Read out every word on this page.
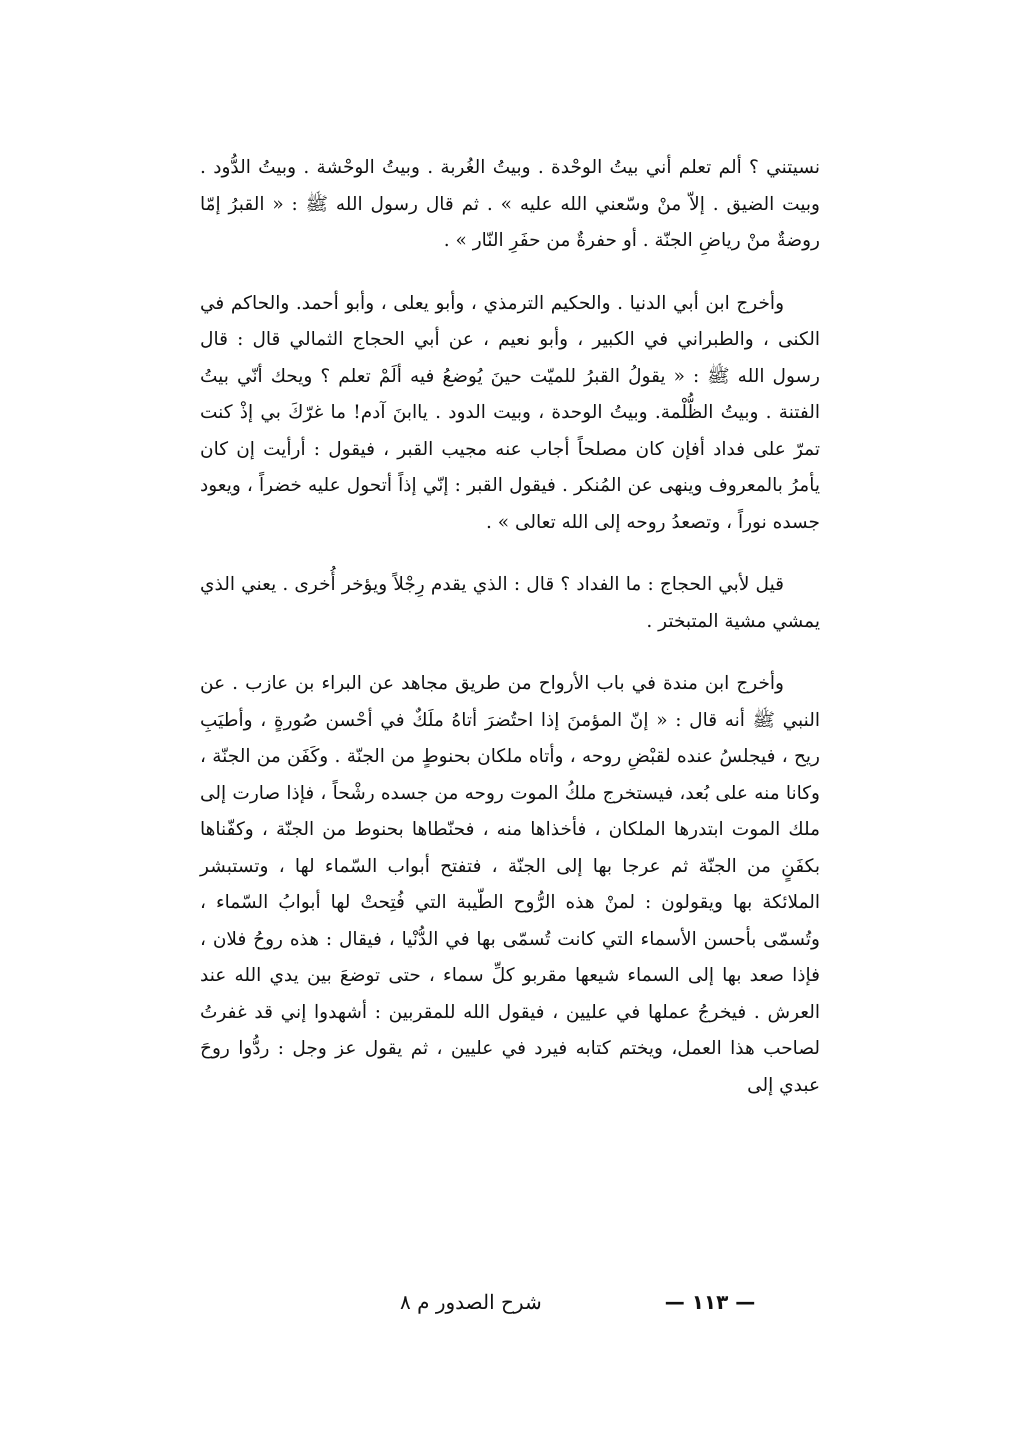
نسيتني ؟ ألم تعلم أني بيتُ الوحْدة . وبيتُ الغُربة . وبيتُ الوحْشة . وبيتُ الدُّود . وبيت الضيق . إلاّ منْ وسّعني الله عليه » . ثم قال رسول الله ﷺ : « القبرُ إمّا روضةٌ منْ رياضِ الجنّة . أو حفرةٌ من حفَرِ النّار » .

وأخرج ابن أبي الدنيا . والحكيم الترمذي ، وأبو يعلى ، وأبو أحمد. والحاكم في الكنى ، والطبراني في الكبير ، وأبو نعيم ، عن أبي الحجاج الثمالي قال : قال رسول الله ﷺ : « يقولُ القبرُ للميّت حينَ يُوضعُ فيه ألَمْ تعلم ؟ ويحك أنّي بيتُ الفتنة . وبيتُ الظُّلْمة. وبيتُ الوحدة ، وبيت الدود . ياابنَ آدم! ما غرّكَ بي إذْ كنت تمرّ على فداد أفإن كان مصلحاً أجاب عنه مجيب القبر ، فيقول : أرأيت إن كان يأمرُ بالمعروف وينهى عن المُنكر . فيقول القبر : إنّي إذاً أتحول عليه خضراً ، ويعود جسده نوراً ، وتصعدُ روحه إلى الله تعالى » .

قيل لأبي الحجاج : ما الفداد ؟ قال : الذي يقدم رِجْلاً ويؤخر أُخرى . يعني الذي يمشي مشية المتبختر .

وأخرج ابن مندة في باب الأرواح من طريق مجاهد عن البراء بن عازب . عن النبي ﷺ أنه قال : « إنّ المؤمنَ إذا احتُضرَ أتاهُ ملَكٌ في أحْسن صُورةٍ ، وأطيَبِ ريح ، فيجلسُ عنده لقبْضِ روحه ، وأتاه ملكان بحنوطٍ من الجنّة . وكَفَن من الجنّة ، وكانا منه على بُعد، فيستخرج ملكُ الموت روحه من جسده رشْحاً ، فإذا صارت إلى ملك الموت ابتدرها الملكان ، فأخذاها منه ، فحنّطاها بحنوط من الجنّة ، وكفّناها بكفَنٍ من الجنّة ثم عرجا بها إلى الجنّة ، فتفتح أبواب السّماء لها ، وتستبشر الملائكة بها ويقولون : لمنْ هذه الرُّوح الطّيبة التي فُتِحتْ لها أبوابُ السّماء ، وتُسمّى بأحسن الأسماء التي كانت تُسمّى بها في الدُّنْيا ، فيقال : هذه روحُ فلان ، فإذا صعد بها إلى السماء شيعها مقربو كلِّ سماء ، حتى توضعَ بين يدي الله عند العرش . فيخرجُ عملها في عليين ، فيقول الله للمقربين : أشهدوا إني قد غفرتُ لصاحب هذا العمل، ويختم كتابه فيرد في عليين ، ثم يقول عز وجل : ردُّوا روحَ عبدي إلى

— ١١٣ —
شرح الصدور م ٨
